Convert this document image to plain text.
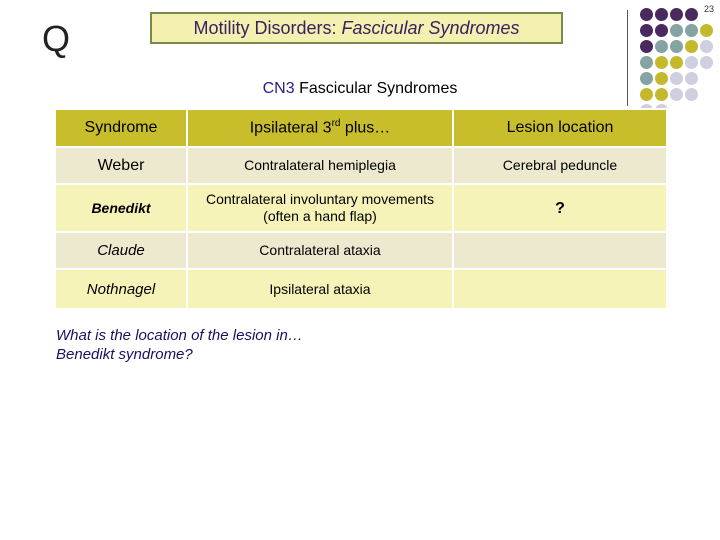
23
Q	Motility Disorders: Fascicular Syndromes
CN3 Fascicular Syndromes
Syndrome	Ipsilateral 3rd plus…	Lesion location
Weber	Contralateral hemiplegia	Cerebral peduncle
Benedikt	Contralateral involuntary movements (often a hand flap)	?
Claude	Contralateral ataxia	
Nothnagel	Ipsilateral ataxia	
What is the location of the lesion in…
Benedikt syndrome?
